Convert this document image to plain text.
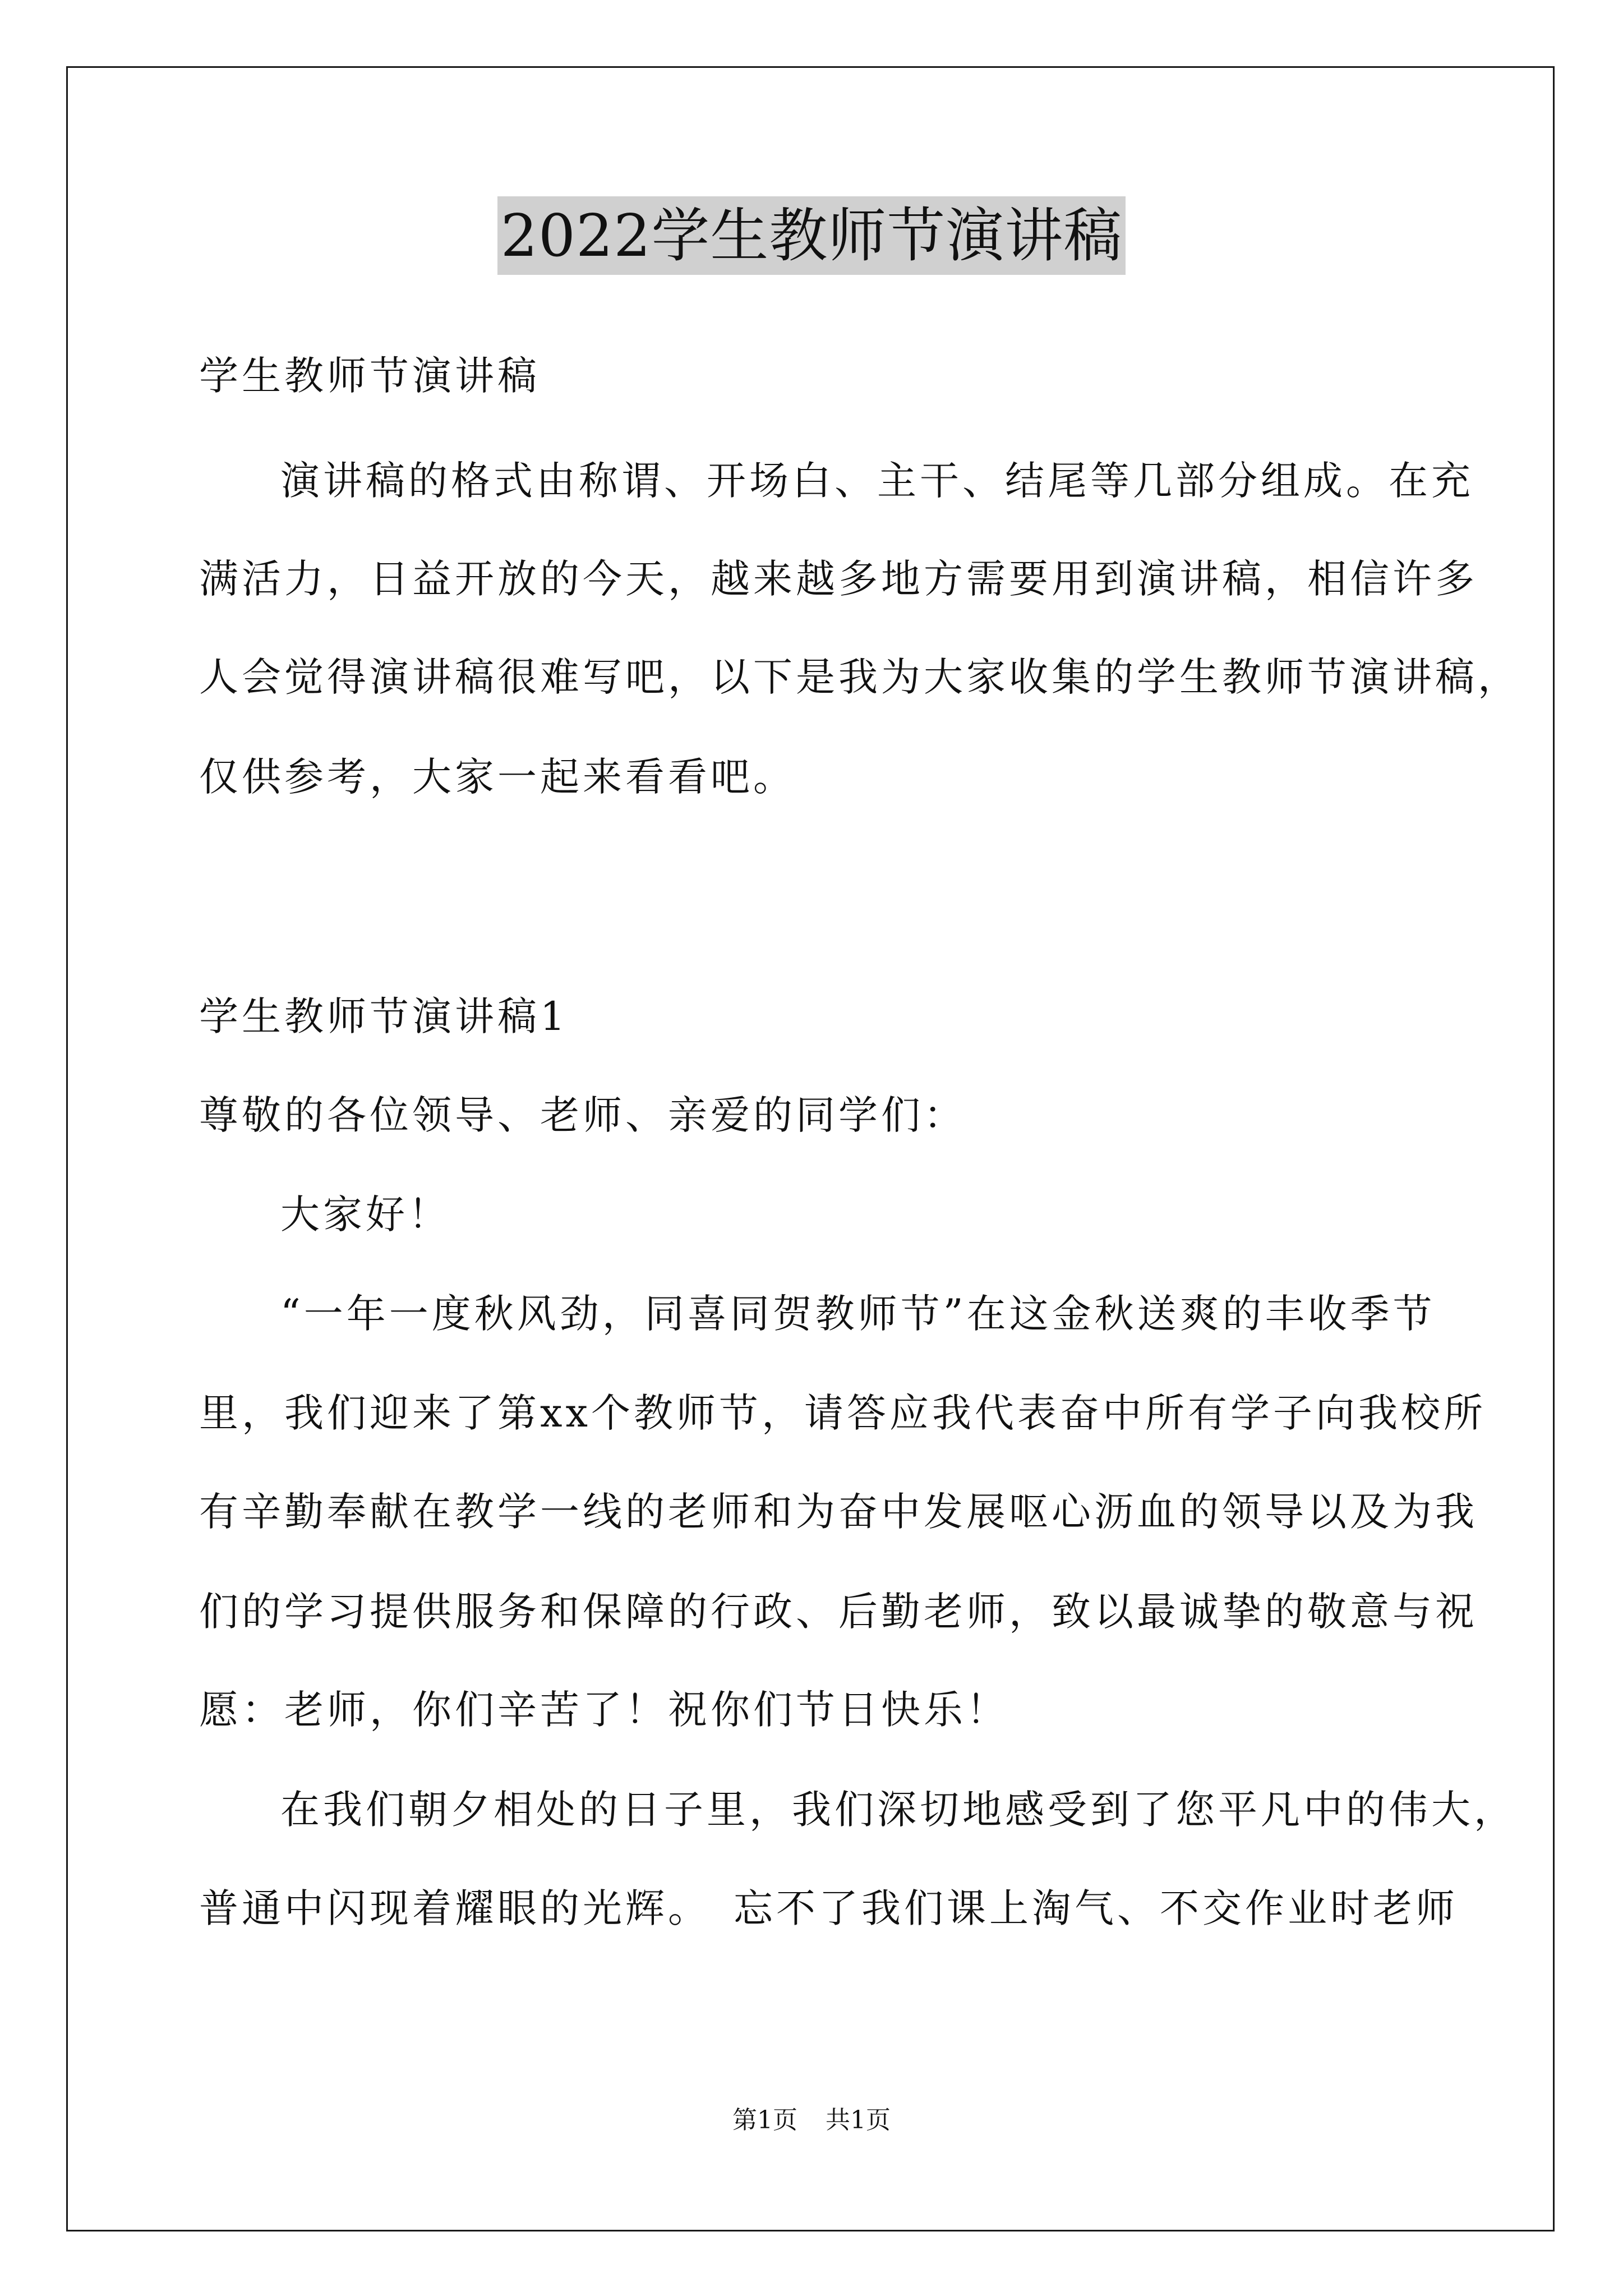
2022学生教师节演讲稿
学生教师节演讲稿
演讲稿的格式由称谓、开场白、主干、结尾等几部分组成。在充
满活力，日益开放的今天，越来越多地方需要用到演讲稿，相信许多
人会觉得演讲稿很难写吧，以下是我为大家收集的学生教师节演讲稿，
仅供参考，大家一起来看看吧。
学生教师节演讲稿1
尊敬的各位领导、老师、亲爱的同学们：
大家好！
“一年一度秋风劲，同喜同贺教师节”在这金秋送爽的丰收季节
里，我们迎来了第xx个教师节，请答应我代表奋中所有学子向我校所
有辛勤奉献在教学一线的老师和为奋中发展呕心沥血的领导以及为我
们的学习提供服务和保障的行政、后勤老师，致以最诚挚的敬意与祝
愿：老师，你们辛苦了！祝你们节日快乐！
在我们朝夕相处的日子里，我们深切地感受到了您平凡中的伟大，
普通中闪现着耀眼的光辉。　忘不了我们课上淘气、不交作业时老师
第1页 共1页
